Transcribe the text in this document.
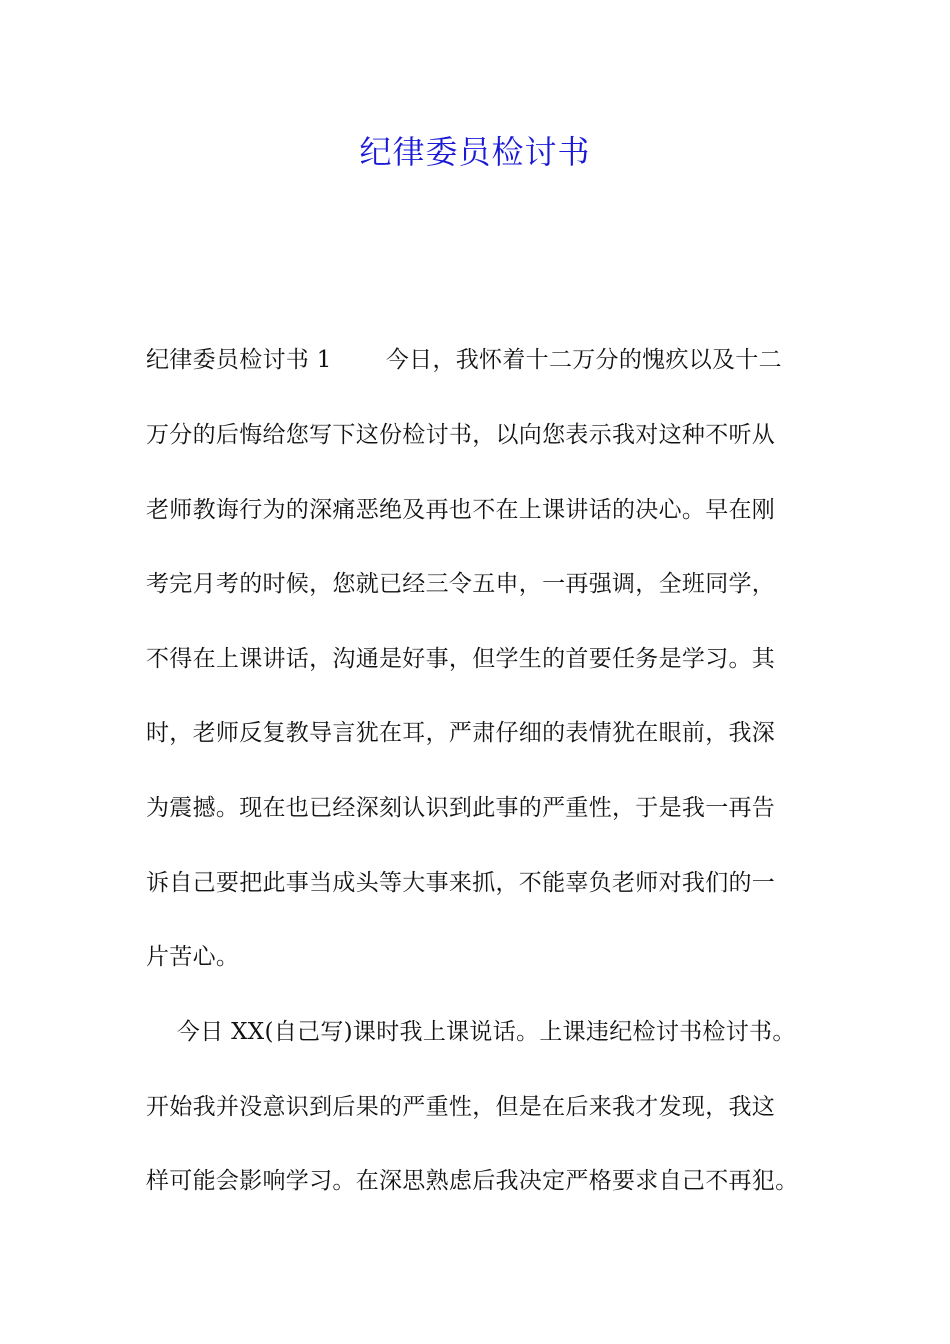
纪律委员检讨书
纪律委员检讨书 1　　 今日，我怀着十二万分的愧疚以及十二
万分的后悔给您写下这份检讨书，以向您表示我对这种不听从
老师教诲行为的深痛恶绝及再也不在上课讲话的决心。早在刚
考完月考的时候，您就已经三令五申，一再强调，全班同学，
不得在上课讲话，沟通是好事，但学生的首要任务是学习。其
时，老师反复教导言犹在耳，严肃仔细的表情犹在眼前，我深
为震撼。现在也已经深刻认识到此事的严重性，于是我一再告
诉自己要把此事当成头等大事来抓，不能辜负老师对我们的一
片苦心。
　 今日 XX(自己写)课时我上课说话。上课违纪检讨书检讨书。
开始我并没意识到后果的严重性，但是在后来我才发现，我这
样可能会影响学习。在深思熟虑后我决定严格要求自己不再犯。
